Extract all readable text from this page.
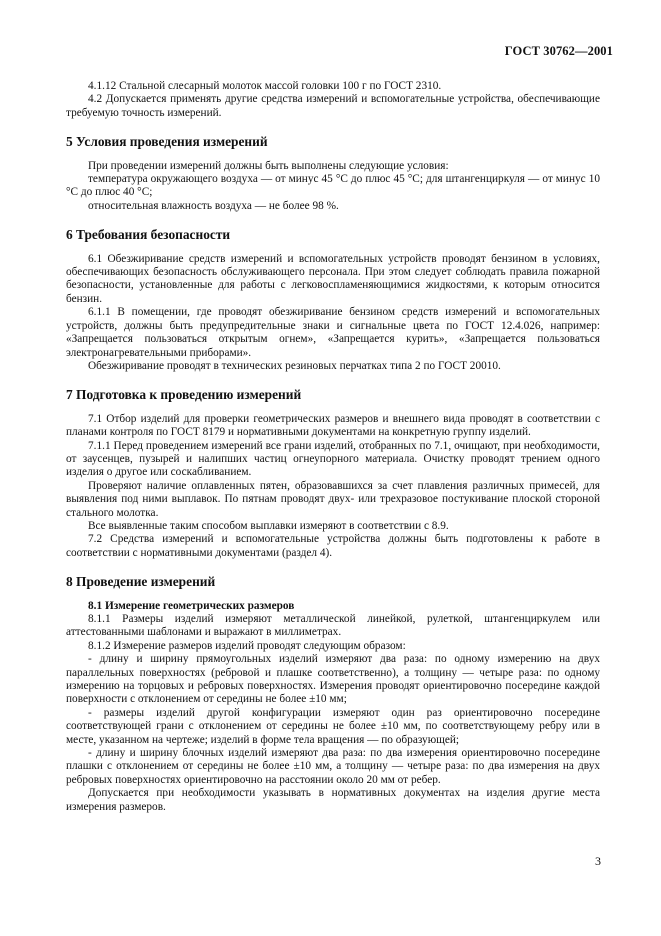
ГОСТ 30762—2001

4.1.12 Стальной слесарный молоток массой головки 100 г по ГОСТ 2310.

4.2 Допускается применять другие средства измерений и вспомогательные устройства, обеспечивающие требуемую точность измерений.

5 Условия проведения измерений

При проведении измерений должны быть выполнены следующие условия:

температура окружающего воздуха — от минус 45 °С до плюс 45 °С; для штангенциркуля — от минус 10 °С до плюс 40 °С;

относительная влажность воздуха — не более 98 %.

6 Требования безопасности

6.1 Обезжиривание средств измерений и вспомогательных устройств проводят бензином в условиях, обеспечивающих безопасность обслуживающего персонала. При этом следует соблюдать правила пожарной безопасности, установленные для работы с легковоспламеняющимися жидкостями, к которым относится бензин.

6.1.1 В помещении, где проводят обезжиривание бензином средств измерений и вспомогательных устройств, должны быть предупредительные знаки и сигнальные цвета по ГОСТ 12.4.026, например: «Запрещается пользоваться открытым огнем», «Запрещается курить», «Запрещается пользоваться электронагревательными приборами».

Обезжиривание проводят в технических резиновых перчатках типа 2 по ГОСТ 20010.

7 Подготовка к проведению измерений

7.1 Отбор изделий для проверки геометрических размеров и внешнего вида проводят в соответствии с планами контроля по ГОСТ 8179 и нормативными документами на конкретную группу изделий.

7.1.1 Перед проведением измерений все грани изделий, отобранных по 7.1, очищают, при необходимости, от заусенцев, пузырей и налипших частиц огнеупорного материала. Очистку проводят трением одного изделия о другое или соскабливанием.

Проверяют наличие оплавленных пятен, образовавшихся за счет плавления различных примесей, для выявления под ними выплавок. По пятнам проводят двух- или трехразовое постукивание плоской стороной стального молотка.

Все выявленные таким способом выплавки измеряют в соответствии с 8.9.

7.2 Средства измерений и вспомогательные устройства должны быть подготовлены к работе в соответствии с нормативными документами (раздел 4).

8 Проведение измерений

8.1 Измерение геометрических размеров

8.1.1 Размеры изделий измеряют металлической линейкой, рулеткой, штангенциркулем или аттестованными шаблонами и выражают в миллиметрах.

8.1.2 Измерение размеров изделий проводят следующим образом:

- длину и ширину прямоугольных изделий измеряют два раза: по одному измерению на двух параллельных поверхностях (ребровой и плашке соответственно), а толщину — четыре раза: по одному измерению на торцовых и ребровых поверхностях. Измерения проводят ориентировочно посередине каждой поверхности с отклонением от середины не более ±10 мм;

- размеры изделий другой конфигурации измеряют один раз ориентировочно посередине соответствующей грани с отклонением от середины не более ±10 мм, по соответствующему ребру или в месте, указанном на чертеже; изделий в форме тела вращения — по образующей;

- длину и ширину блочных изделий измеряют два раза: по два измерения ориентировочно посередине плашки с отклонением от середины не более ±10 мм, а толщину — четыре раза: по два измерения на двух ребровых поверхностях ориентировочно на расстоянии около 20 мм от ребер.

Допускается при необходимости указывать в нормативных документах на изделия другие места измерения размеров.

3
